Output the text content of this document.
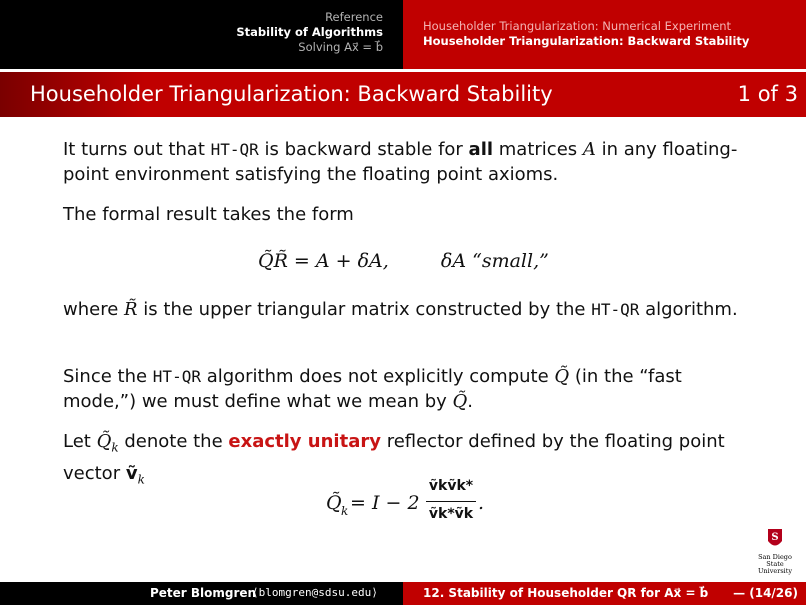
Reference
Stability of Algorithms
Solving Ax⃗ = b⃗
Householder Triangularization: Numerical Experiment
Householder Triangularization: Backward Stability
Householder Triangularization: Backward Stability	1 of 3
It turns out that HT-QR is backward stable for all matrices A in any floating-point environment satisfying the floating point axioms.
The formal result takes the form
Q̃R̃ = A + δA,	δA “small,”
where R̃ is the upper triangular matrix constructed by the HT-QR algorithm.
Since the HT-QR algorithm does not explicitly compute Q̃ (in the “fast mode,”) we must define what we mean by Q̃.
Let $Q̃_k$ denote the exactly unitary reflector defined by the floating point vector ṽ$_k$
Q̃ k = I − 2
ṽkṽk*
ṽk*ṽk .
S
San Diego State
University
Peter Blomgren
⟨blomgren@sdsu.edu⟩	12. Stability of Householder QR for Ax⃗ = b⃗ — (14/26)
